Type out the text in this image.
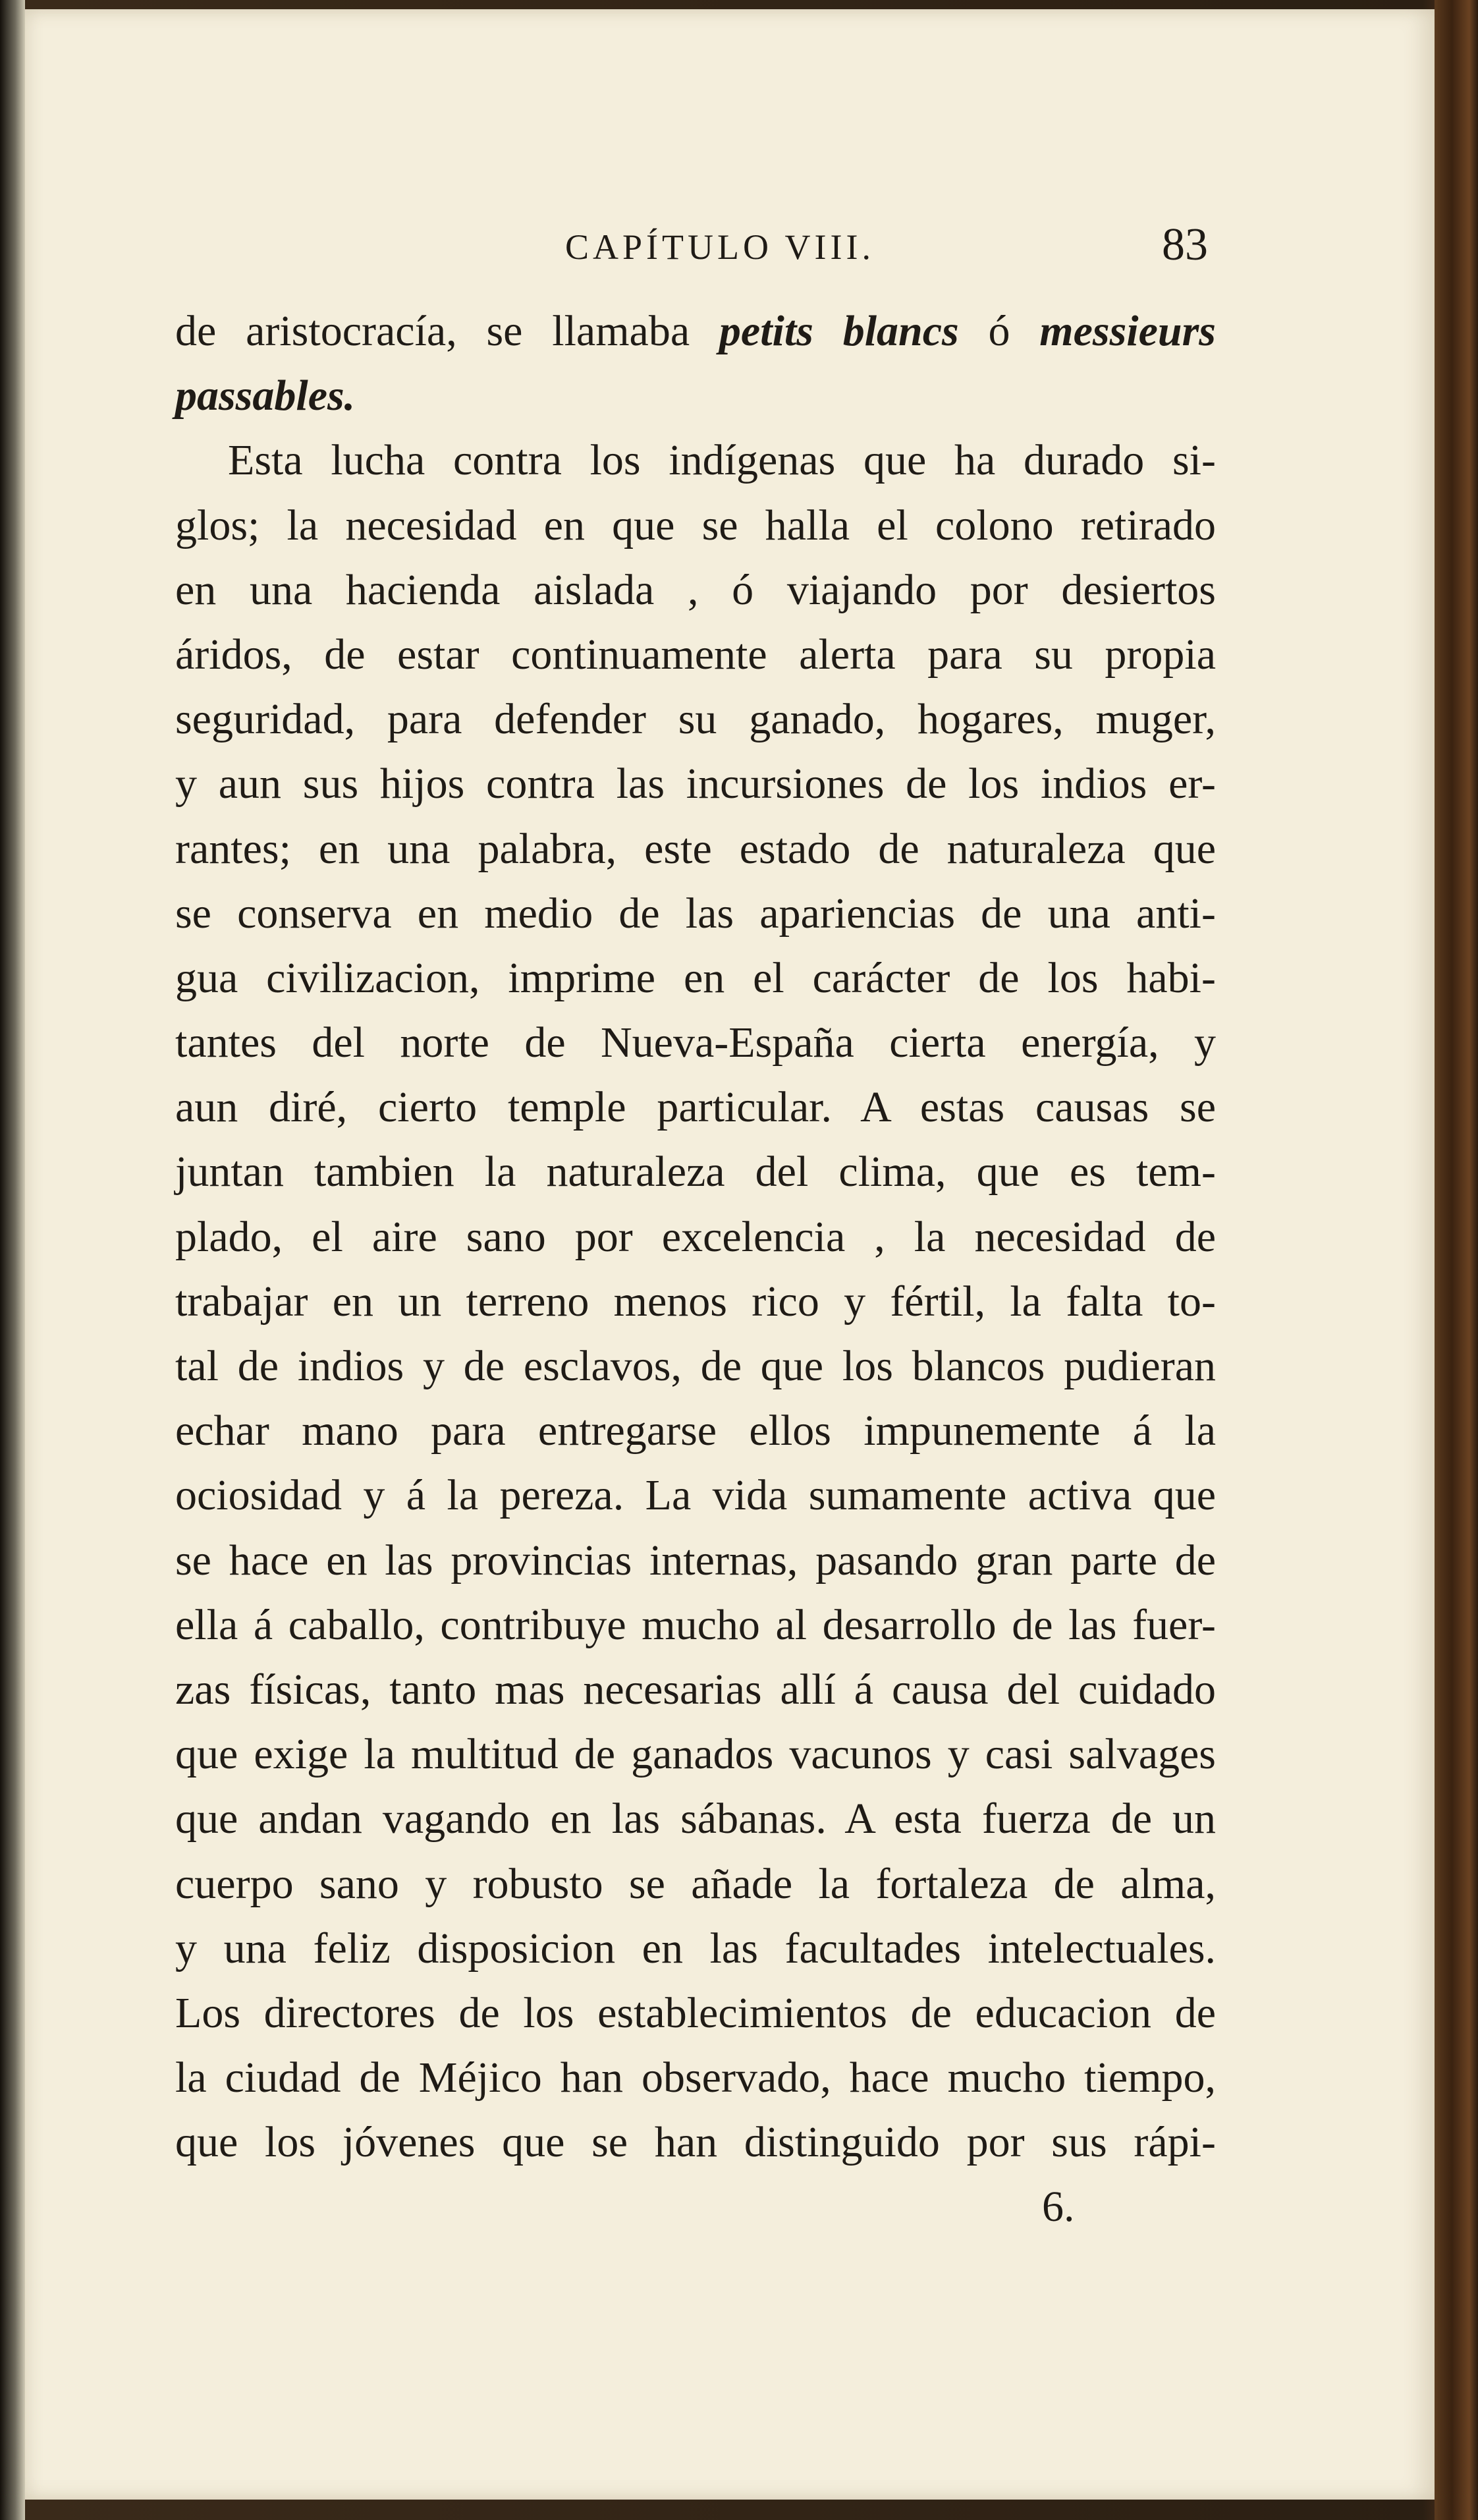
CAPÍTULO VIII.	83
de aristocracía, se llamaba petits blancs ó messieurs
passables.
Esta lucha contra los indígenas que ha durado si-
glos; la necesidad en que se halla el colono retirado
en una hacienda aislada , ó viajando por desiertos
áridos, de estar continuamente alerta para su propia
seguridad, para defender su ganado, hogares, muger,
y aun sus hijos contra las incursiones de los indios er-
rantes; en una palabra, este estado de naturaleza que
se conserva en medio de las apariencias de una anti-
gua civilizacion, imprime en el carácter de los habi-
tantes del norte de Nueva-España cierta energía, y
aun diré, cierto temple particular. A estas causas se
juntan tambien la naturaleza del clima, que es tem-
plado, el aire sano por excelencia , la necesidad de
trabajar en un terreno menos rico y fértil, la falta to-
tal de indios y de esclavos, de que los blancos pudieran
echar mano para entregarse ellos impunemente á la
ociosidad y á la pereza. La vida sumamente activa que
se hace en las provincias internas, pasando gran parte de
ella á caballo, contribuye mucho al desarrollo de las fuer-
zas físicas, tanto mas necesarias allí á causa del cuidado
que exige la multitud de ganados vacunos y casi salvages
que andan vagando en las sábanas. A esta fuerza de un
cuerpo sano y robusto se añade la fortaleza de alma,
y una feliz disposicion en las facultades intelectuales.
Los directores de los establecimientos de educacion de
la ciudad de Méjico han observado, hace mucho tiempo,
que los jóvenes que se han distinguido por sus rápi-
6.
